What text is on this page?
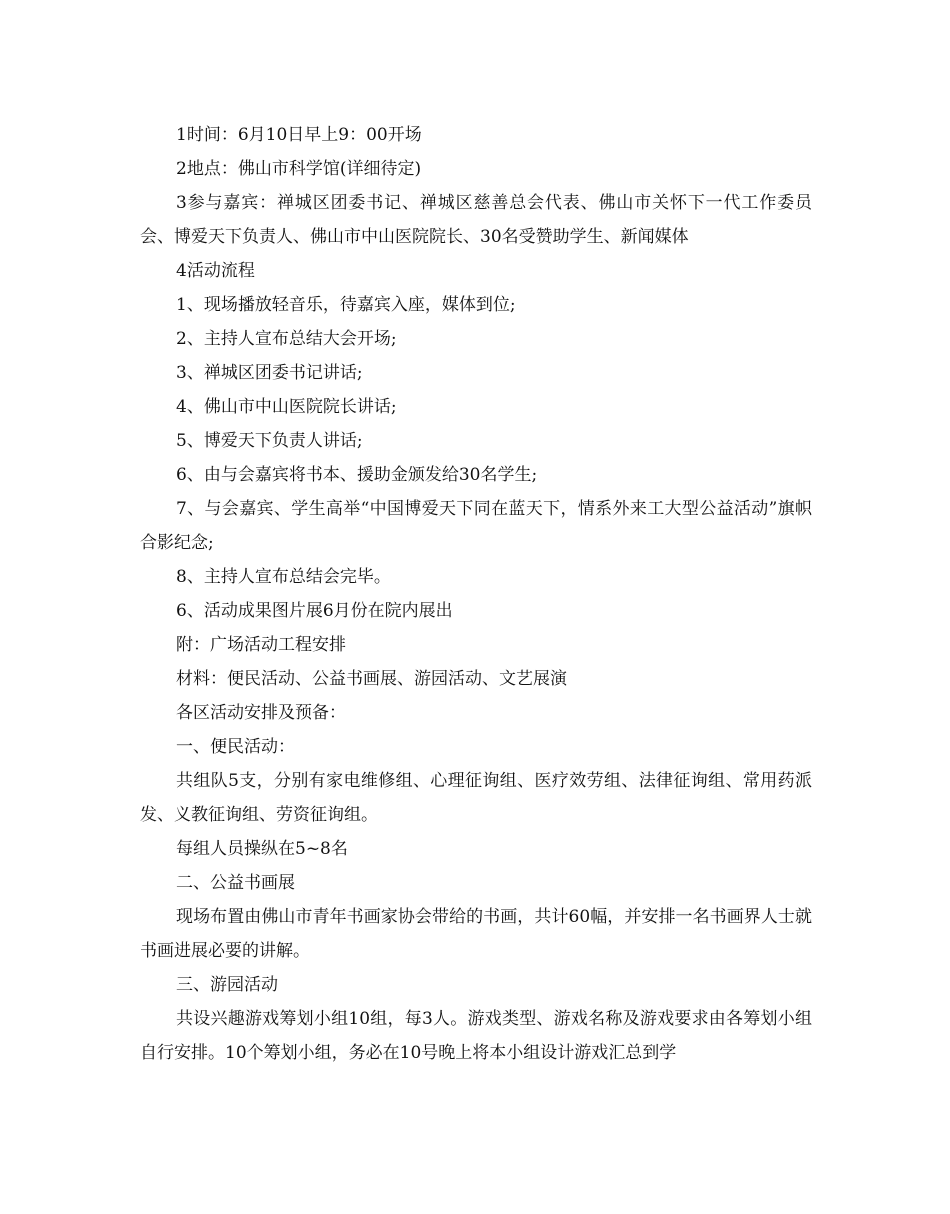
1时间：6月10日早上9：00开场

2地点：佛山市科学馆(详细待定)

3参与嘉宾：禅城区团委书记、禅城区慈善总会代表、佛山市关怀下一代工作委员会、博爱天下负责人、佛山市中山医院院长、30名受赞助学生、新闻媒体

4活动流程

1、现场播放轻音乐，待嘉宾入座，媒体到位;

2、主持人宣布总结大会开场;

3、禅城区团委书记讲话;

4、佛山市中山医院院长讲话;

5、博爱天下负责人讲话;

6、由与会嘉宾将书本、援助金颁发给30名学生;

7、与会嘉宾、学生高举“中国博爱天下同在蓝天下，情系外来工大型公益活动”旗帜合影纪念;

8、主持人宣布总结会完毕。

6、活动成果图片展6月份在院内展出

附：广场活动工程安排

材料：便民活动、公益书画展、游园活动、文艺展演

各区活动安排及预备：

一、便民活动：

共组队5支，分别有家电维修组、心理征询组、医疗效劳组、法律征询组、常用药派发、义教征询组、劳资征询组。

每组人员操纵在5~8名

二、公益书画展

现场布置由佛山市青年书画家协会带给的书画，共计60幅，并安排一名书画界人士就书画进展必要的讲解。

三、游园活动

共设兴趣游戏筹划小组10组，每3人。游戏类型、游戏名称及游戏要求由各筹划小组自行安排。10个筹划小组，务必在10号晚上将本小组设计游戏汇总到学
